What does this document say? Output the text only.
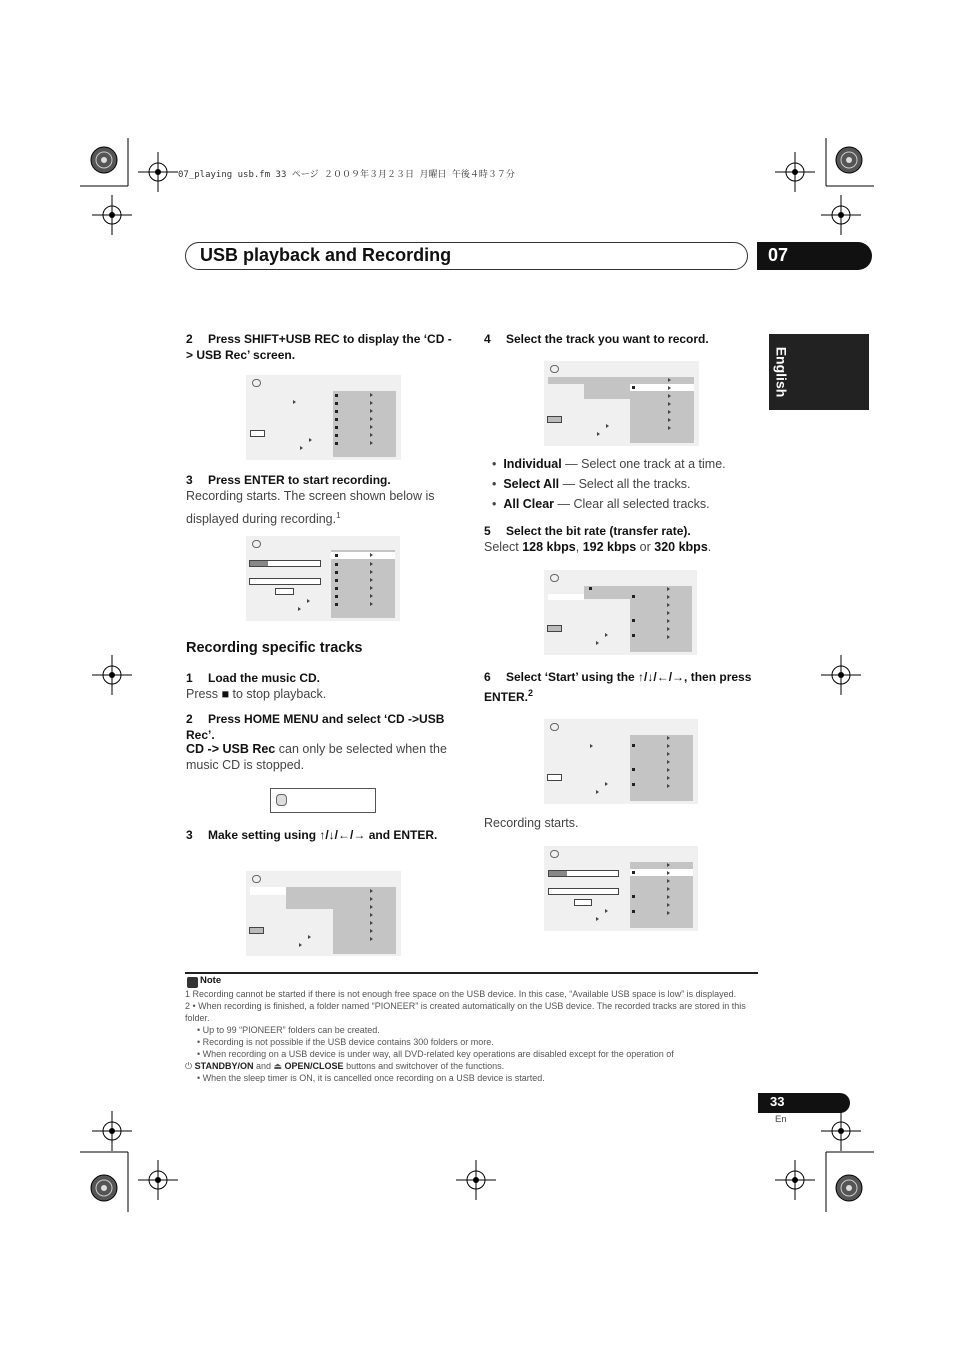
07_playing usb.fm 33 ページ ２００９年３月２３日 月曜日 午後４時３７分
USB playback and Recording	07
English
2 Press SHIFT+USB REC to display the ‘CD -> USB Rec’ screen.
3 Press ENTER to start recording.
Recording starts. The screen shown below is displayed during recording.$^1$
Recording specific tracks
1 Load the music CD.
Press ■ to stop playback.
2 Press HOME MENU and select ‘CD ->USB Rec’.
CD -> USB Rec can only be selected when the music CD is stopped.
3 Make setting using ↑/↓/←/→ and ENTER.
4 Select the track you want to record.
•  Individual — Select one track at a time.
•  Select All — Select all the tracks.
•  All Clear — Clear all selected tracks.
5 Select the bit rate (transfer rate).
Select 128 kbps, 192 kbps or 320 kbps.
6 Select ‘Start’ using the ↑/↓/←/→, then press ENTER.$^2$
Recording starts.
Note

1 Recording cannot be started if there is not enough free space on the USB device. In this case, “Available USB space is low” is displayed.

2 • When recording is finished, a folder named “PIONEER” is created automatically on the USB device. The recorded tracks are stored in this folder.

• Up to 99 “PIONEER” folders can be created.

• Recording is not possible if the USB device contains 300 folders or more.

• When recording on a USB device is under way, all DVD-related key operations are disabled except for the operation of

⏻ STANDBY/ON and ⏏ OPEN/CLOSE buttons and switchover of the functions.

• When the sleep timer is ON, it is cancelled once recording on a USB device is started.

33
En
